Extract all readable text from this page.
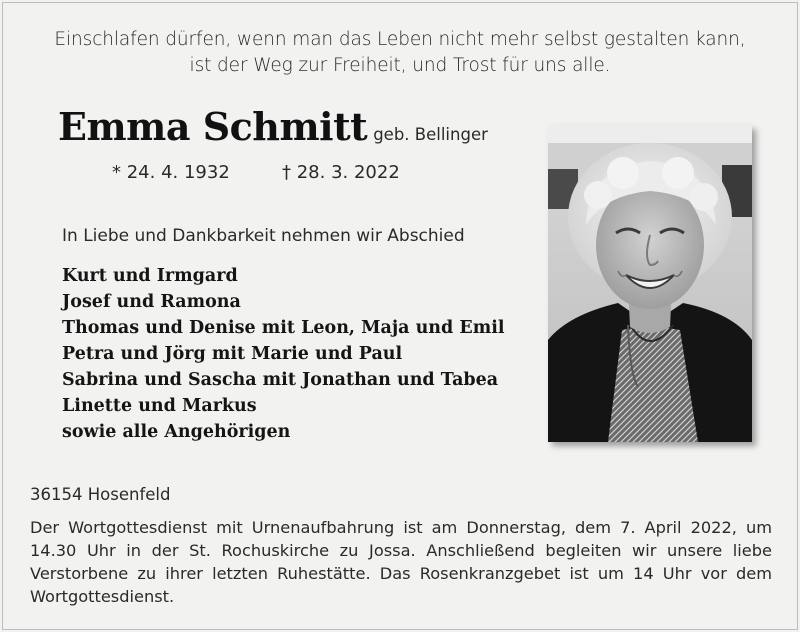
Einschlafen dürfen, wenn man das Leben nicht mehr selbst gestalten kann,
ist der Weg zur Freiheit, und Trost für uns alle.
Emma Schmitt geb. Bellinger
* 24. 4. 1932	† 28. 3. 2022
In Liebe und Dankbarkeit nehmen wir Abschied
Kurt und Irmgard
Josef und Ramona
Thomas und Denise mit Leon, Maja und Emil
Petra und Jörg mit Marie und Paul
Sabrina und Sascha mit Jonathan und Tabea
Linette und Markus
sowie alle Angehörigen
36154 Hosenfeld
Der Wortgottesdienst mit Urnenaufbahrung ist am Donnerstag, dem 7. April 2022, um
14.30 Uhr in der St. Rochuskirche zu Jossa. Anschließend begleiten wir unsere liebe
Verstorbene zu ihrer letzten Ruhestätte. Das Rosenkranzgebet ist um 14 Uhr vor dem
Wortgottesdienst.
